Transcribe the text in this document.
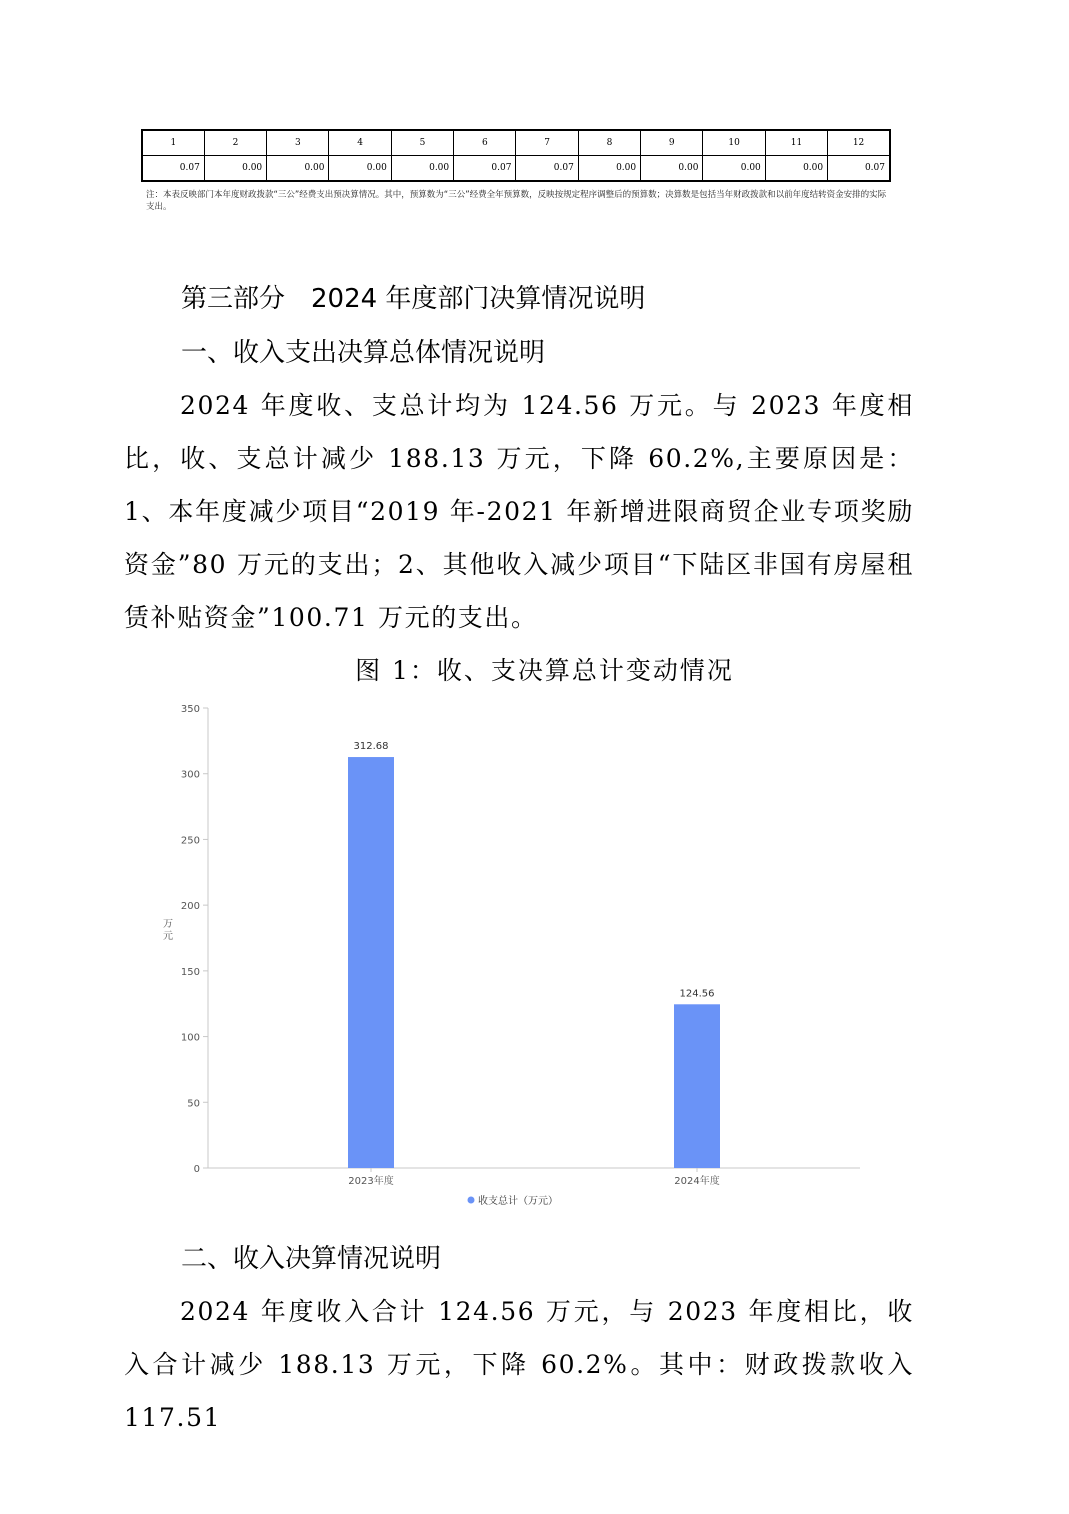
1	2	3	4	5	6	7	8	9	10	11	12
0.07	0.00	0.00	0.00	0.00	0.07	0.07	0.00	0.00	0.00	0.00	0.07
注：本表反映部门本年度财政拨款“三公”经费支出预决算情况。其中，预算数为“三公”经费全年预算数，反映按规定程序调整后的预算数；决算数是包括当年财政拨款和以前年度结转资金安排的实际支出。
第三部分　2024 年度部门决算情况说明
一、收入支出决算总体情况说明
2024 年度收、支总计均为 124.56 万元。与 2023 年度相比，收、支总计减少 188.13 万元，下降 60.2%,主要原因是：1、本年度减少项目“2019 年-2021 年新增进限商贸企业专项奖励资金”80 万元的支出；2、其他收入减少项目“下陆区非国有房屋租赁补贴资金”100.71 万元的支出。
图 1：收、支决算总计变动情况
0
50
100
150
200
250
300
350
万
元
312.68
2023年度
124.56
2024年度
收支总计（万元）
二、收入决算情况说明
2024 年度收入合计 124.56 万元，与 2023 年度相比，收入合计减少 188.13 万元，下降 60.2%。其中：财政拨款收入 117.51
